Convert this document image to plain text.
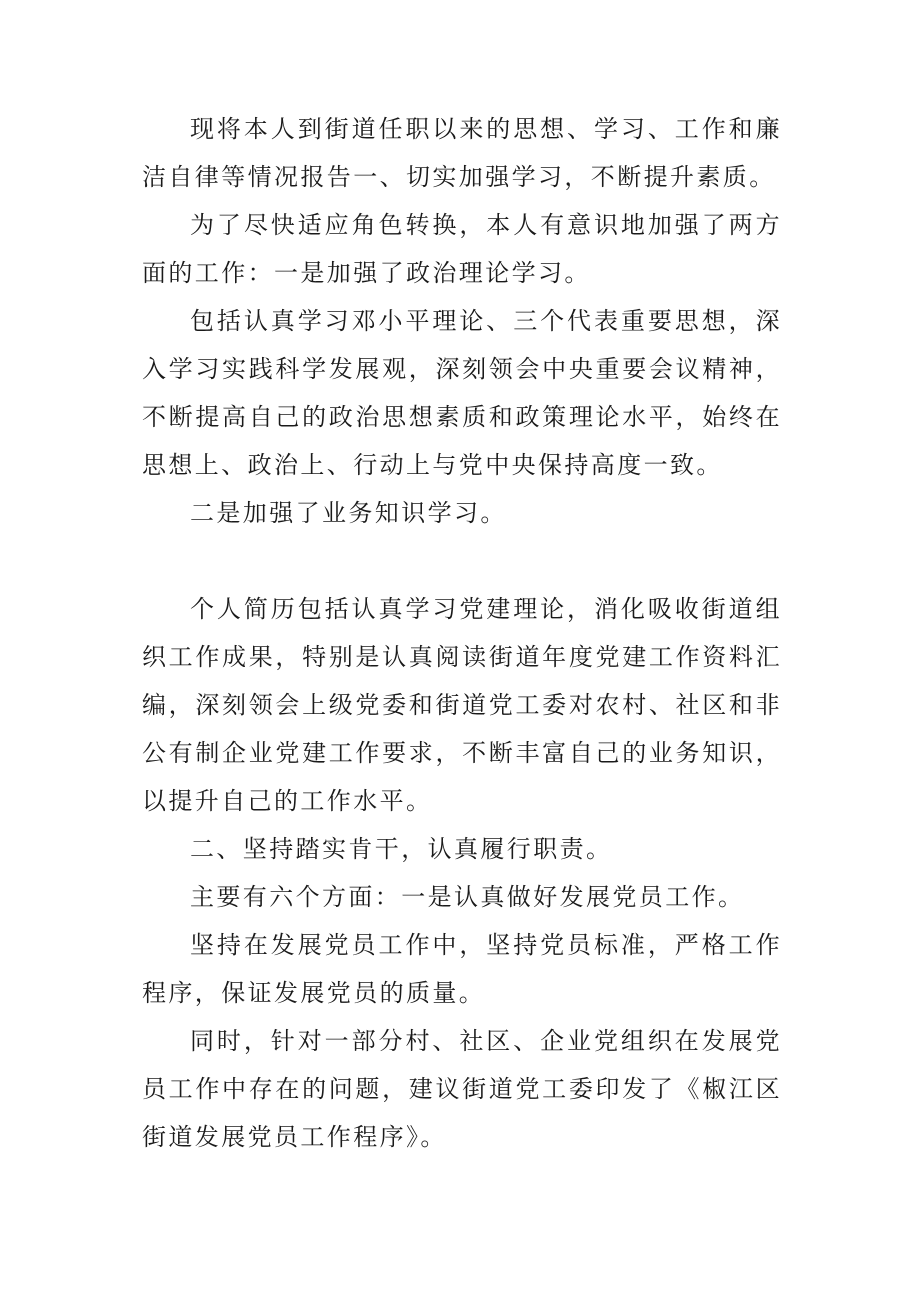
现将本人到街道任职以来的思想、学习、工作和廉洁自律等情况报告一、切实加强学习，不断提升素质。

为了尽快适应角色转换，本人有意识地加强了两方面的工作：一是加强了政治理论学习。

包括认真学习邓小平理论、三个代表重要思想，深入学习实践科学发展观，深刻领会中央重要会议精神，不断提高自己的政治思想素质和政策理论水平，始终在思想上、政治上、行动上与党中央保持高度一致。

二是加强了业务知识学习。

个人简历包括认真学习党建理论，消化吸收街道组织工作成果，特别是认真阅读街道年度党建工作资料汇编，深刻领会上级党委和街道党工委对农村、社区和非公有制企业党建工作要求，不断丰富自己的业务知识，以提升自己的工作水平。

二、坚持踏实肯干，认真履行职责。

主要有六个方面：一是认真做好发展党员工作。

坚持在发展党员工作中，坚持党员标准，严格工作程序，保证发展党员的质量。

同时，针对一部分村、社区、企业党组织在发展党员工作中存在的问题，建议街道党工委印发了《椒江区街道发展党员工作程序》。
